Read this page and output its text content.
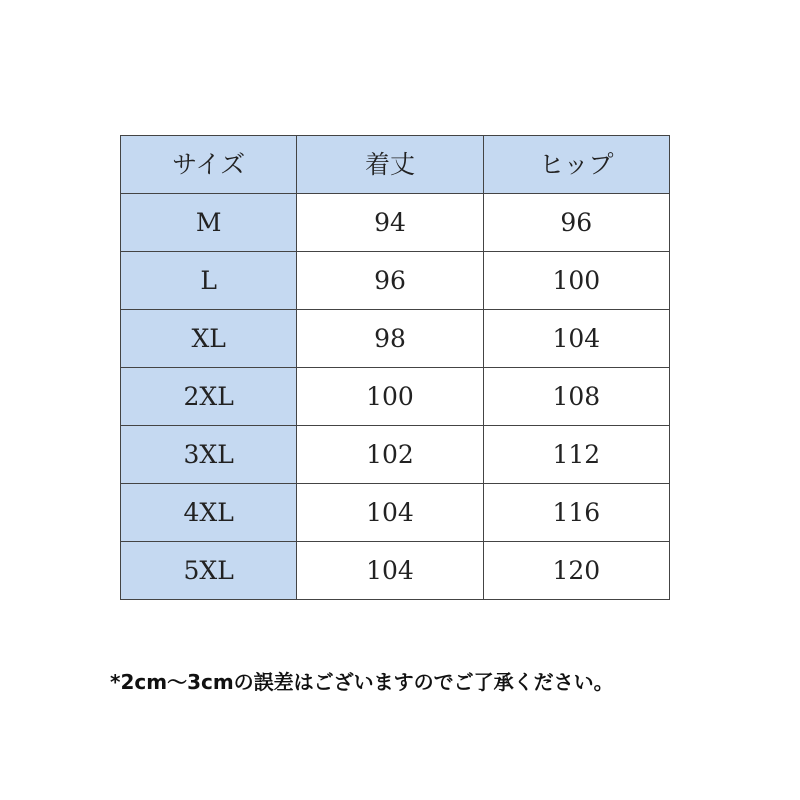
サイズ	着丈	ヒップ
M	94	96
L	96	100
XL	98	104
2XL	100	108
3XL	102	112
4XL	104	116
5XL	104	120
*2cm〜3cmの誤差はございますのでご了承ください。
